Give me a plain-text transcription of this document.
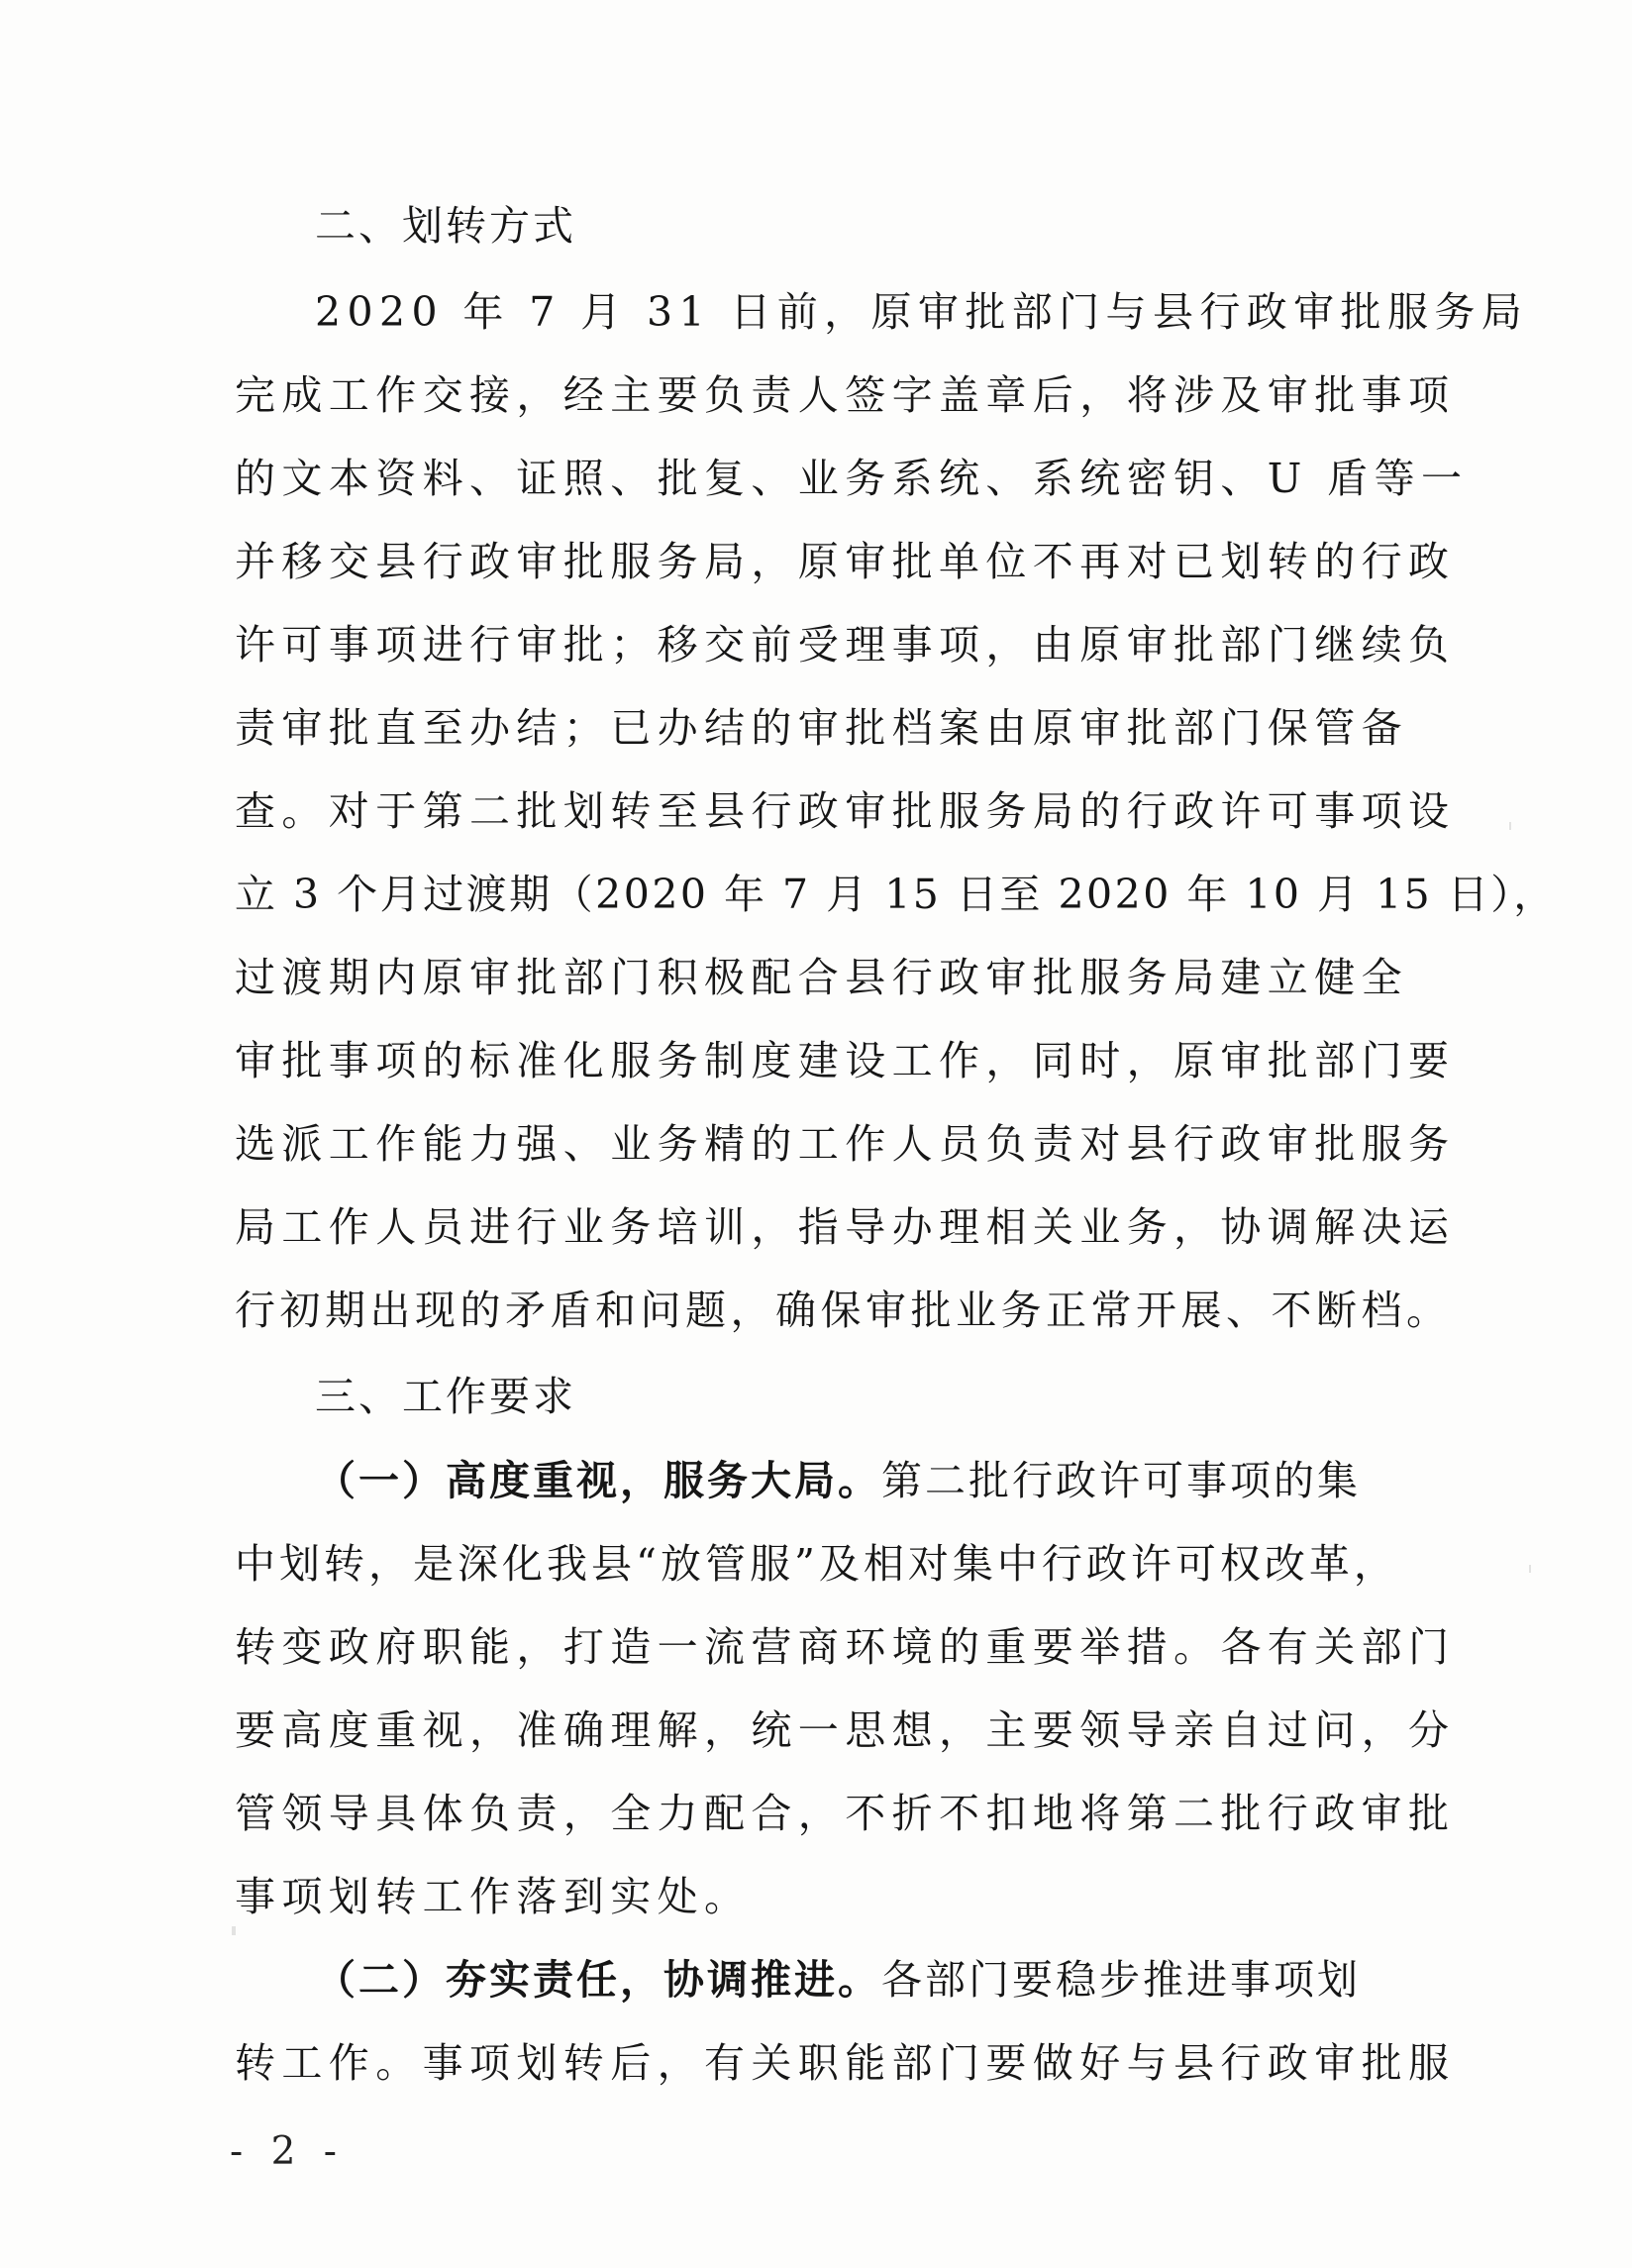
二、划转方式
2020 年 7 月 31 日前，原审批部门与县行政审批服务局
完成工作交接，经主要负责人签字盖章后，将涉及审批事项
的文本资料、证照、批复、业务系统、系统密钥、U 盾等一
并移交县行政审批服务局，原审批单位不再对已划转的行政
许可事项进行审批；移交前受理事项，由原审批部门继续负
责审批直至办结；已办结的审批档案由原审批部门保管备
查。对于第二批划转至县行政审批服务局的行政许可事项设
立 3 个月过渡期（2020 年 7 月 15 日至 2020 年 10 月 15 日），
过渡期内原审批部门积极配合县行政审批服务局建立健全
审批事项的标准化服务制度建设工作，同时，原审批部门要
选派工作能力强、业务精的工作人员负责对县行政审批服务
局工作人员进行业务培训，指导办理相关业务，协调解决运
行初期出现的矛盾和问题，确保审批业务正常开展、不断档。
三、工作要求
（一）高度重视，服务大局。第二批行政许可事项的集
中划转，是深化我县“放管服”及相对集中行政许可权改革，
转变政府职能，打造一流营商环境的重要举措。各有关部门
要高度重视，准确理解，统一思想，主要领导亲自过问，分
管领导具体负责，全力配合，不折不扣地将第二批行政审批
事项划转工作落到实处。
（二）夯实责任，协调推进。各部门要稳步推进事项划
转工作。事项划转后，有关职能部门要做好与县行政审批服
- 2 -
